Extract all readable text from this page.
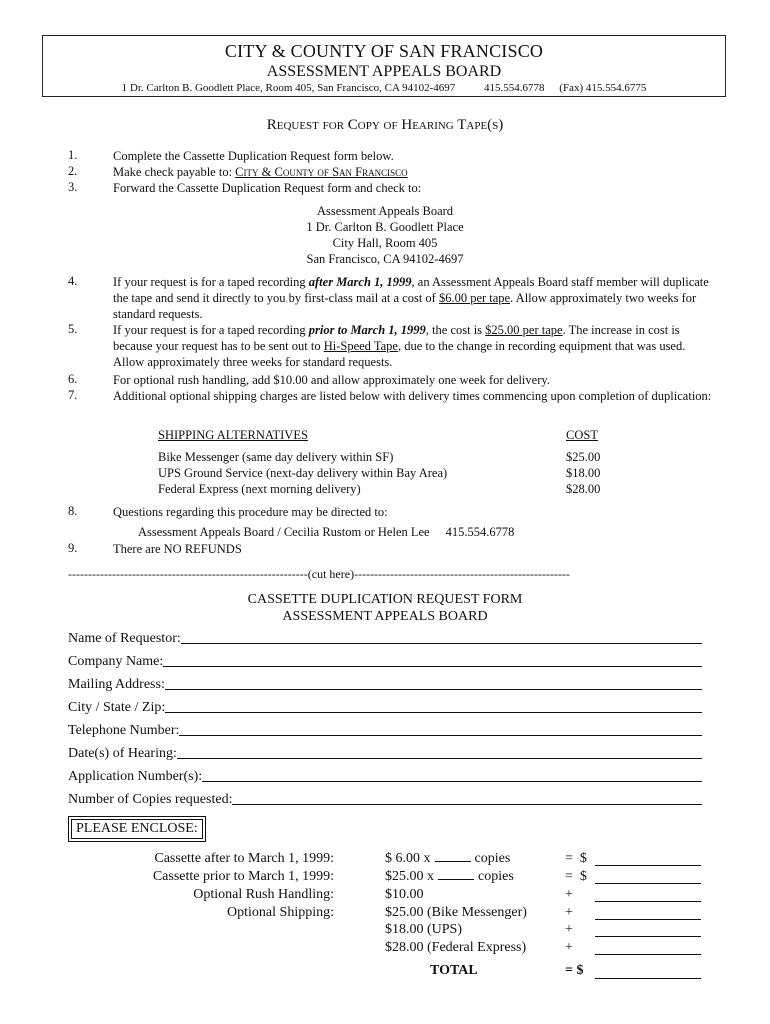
CITY & COUNTY OF SAN FRANCISCO
ASSESSMENT APPEALS BOARD
1 Dr. Carlton B. Goodlett Place, Room 405, San Francisco, CA 94102-4697	415.554.6778 (Fax) 415.554.6775
Request for Copy of Hearing Tape(s)
1.	Complete the Cassette Duplication Request form below.
2.	Make check payable to: City & County of San Francisco
3.	Forward the Cassette Duplication Request form and check to:
Assessment Appeals Board
1 Dr. Carlton B. Goodlett Place
City Hall, Room 405
San Francisco, CA 94102-4697
4.	If your request is for a taped recording after March 1, 1999, an Assessment Appeals Board staff member will duplicate the tape and send it directly to you by first-class mail at a cost of $6.00 per tape. Allow approximately two weeks for standard requests.
5.	If your request is for a taped recording prior to March 1, 1999, the cost is $25.00 per tape. The increase in cost is because your request has to be sent out to Hi-Speed Tape, due to the change in recording equipment that was used. Allow approximately three weeks for standard requests.
6.	For optional rush handling, add $10.00 and allow approximately one week for delivery.
7.	Additional optional shipping charges are listed below with delivery times commencing upon completion of duplication:
SHIPPING ALTERNATIVES	COST
Bike Messenger (same day delivery within SF)	$25.00
UPS Ground Service (next-day delivery within Bay Area)	$18.00
Federal Express (next morning delivery)	$28.00
8.	Questions regarding this procedure may be directed to:
Assessment Appeals Board / Cecilia Rustom or Helen Lee 415.554.6778
9.	There are NO REFUNDS
------------------------------------------------------------(cut here)------------------------------------------------------
CASSETTE DUPLICATION REQUEST FORM
ASSESSMENT APPEALS BOARD
Name of Requestor:
Company Name:
Mailing Address:
City / State / Zip:
Telephone Number:
Date(s) of Hearing:
Application Number(s):
Number of Copies requested:
PLEASE ENCLOSE:
Cassette after to March 1, 1999:	$ 6.00 x	copies	= $
Cassette prior to March 1, 1999:	$25.00 x	copies	= $
Optional Rush Handling:	$10.00	+
Optional Shipping:	$25.00 (Bike Messenger)	+
$18.00 (UPS)	+
$28.00 (Federal Express)	+
TOTAL	= $
